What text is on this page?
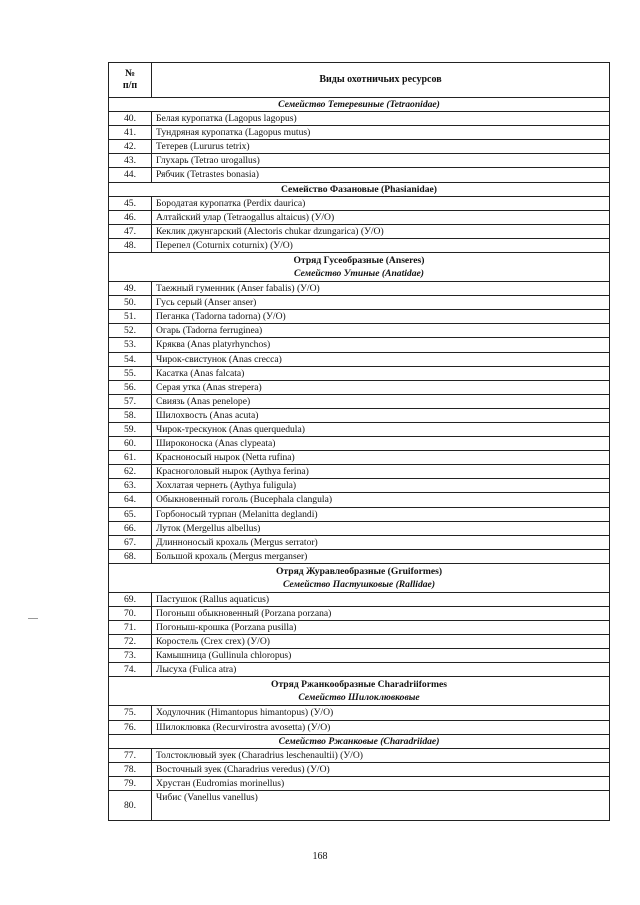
№
п/п	Виды охотничьих ресурсов

Семейство Тетеревиные (Tetraonidae)	

40.	Белая куропатка (Lagopus lagopus)
41.	Тундряная куропатка (Lagopus mutus)
42.	Тетерев (Lururus tetrix)
43.	Глухарь (Tetrao urogallus)
44.	Рябчик (Tetrastes bonasia)

Семейство Фазановые (Phasianidae)	

45.	Бородатая куропатка (Perdix daurica)
46.	Алтайский улар (Tetraogallus altaicus) (У/О)
47.	Кеклик джунгарский (Alectoris chukar dzungarica) (У/О)
48.	Перепел (Coturnix coturnix) (У/О)

Отряд Гусеобразные (Anseres)
Семейство Утиные (Anatidae)	

49.	Таежный гуменник (Anser fabalis) (У/О)
50.	Гусь серый (Anser anser)
51.	Пеганка (Tadorna tadorna) (У/О)
52.	Огарь (Tadorna ferruginea)
53.	Кряква (Anas platyrhynchos)
54.	Чирок-свистунок (Anas crecca)
55.	Касатка (Anas falcata)
56.	Серая утка (Anas strepera)
57.	Свиязь (Anas penelope)
58.	Шилохвость (Anas acuta)
59.	Чирок-трескунок (Anas querquedula)
60.	Широконоска (Anas clypeata)
61.	Красноносый нырок (Netta rufina)
62.	Красноголовый нырок (Aythya ferina)
63.	Хохлатая чернеть (Aythya fuligula)
64.	Обыкновенный гоголь (Bucephala clangula)
65.	Горбоносый турпан (Melanitta deglandi)
66.	Луток (Mergellus albellus)
67.	Длинноносый крохаль (Mergus serrator)
68.	Большой крохаль (Mergus merganser)

Отряд Журавлеобразные (Gruiformes)
Семейство Пастушковые (Rallidae)	

69.	Пастушок (Rallus aquaticus)
70.	Погоныш обыкновенный (Porzana porzana)
71.	Погоныш-крошка (Porzana pusilla)
72.	Коростель (Crex crex) (У/О)
73.	Камышница (Gullinula chloropus)
74.	Лысуха (Fulica atra)

Отряд Ржанкообразные Charadriiformes
Семейство Шилоклювковые	

75.	Ходулочник (Himantopus himantopus) (У/О)
76.	Шилоклювка (Recurvirostra avosetta) (У/О)

Семейство Ржанковые (Charadriidae)	

77.	Толстоклювый зуек (Charadrius leschenaultii) (У/О)
78.	Восточный зуек (Charadrius veredus) (У/О)
79.	Хрустан (Eudromias morinellus)
80.	Чибис (Vanellus vanellus)
168
